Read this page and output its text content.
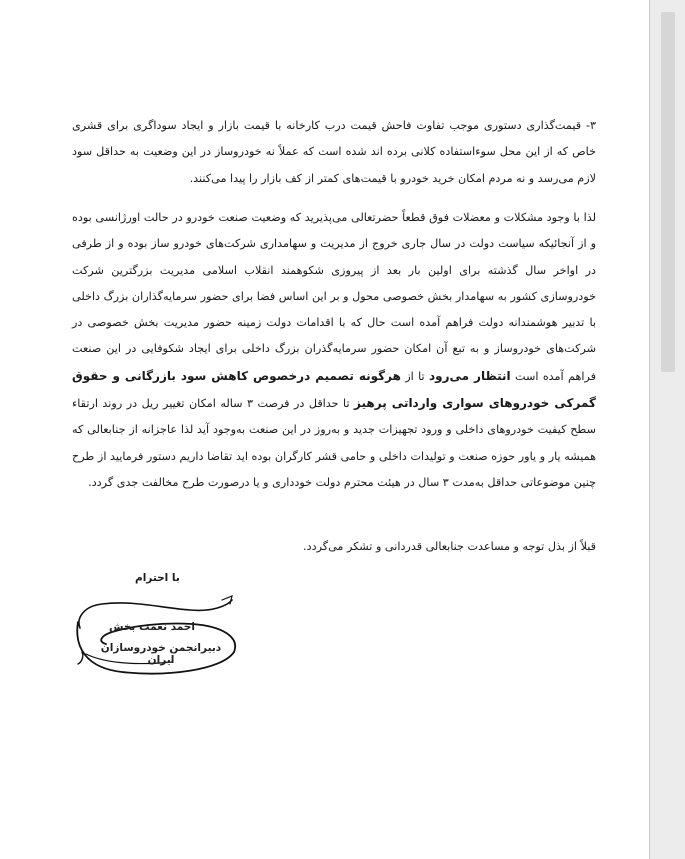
۳- قیمت‌گذاری دستوری موجب تفاوت فاحش قیمت درب کارخانه با قیمت بازار و ایجاد سوداگری برای قشری خاص که از این محل سوءاستفاده کلانی برده اند شده است که عملاً نه خودروساز در این وضعیت به حداقل سود لازم می‌رسد و نه مردم امکان خرید خودرو با قیمت‌های کمتر از کف بازار را پیدا می‌کنند.

لذا با وجود مشکلات و معضلات فوق قطعاً حضرتعالی می‌پذیرید که وضعیت صنعت خودرو در حالت اورژانسی بوده و از آنجائیکه سیاست دولت در سال جاری خروج از مدیریت و سهامداری شرکت‌های خودرو ساز بوده و از طرفی در اواخر سال گذشته برای اولین بار بعد از پیروزی شکوهمند انقلاب اسلامی مدیریت بزرگترین شرکت خودروسازی کشور به سهامدار بخش خصوصی محول و بر این اساس فضا برای حضور سرمایه‌گذاران بزرگ داخلی با تدبیر هوشمندانه دولت فراهم آمده است حال که با اقدامات دولت زمینه حضور مدیریت بخش خصوصی در شرکت‌های خودروساز و به تبع آن امکان حضور سرمایه‌گذران بزرگ داخلی برای ایجاد شکوفایی در این صنعت فراهم آمده است انتظار می‌رود تا از هرگونه تصمیم درخصوص کاهش سود بازرگانی و حقوق گمرکی خودروهای سواری وارداتی پرهیز تا حداقل در فرصت ۳ ساله امکان تغییر ریل در روند ارتقاء سطح کیفیت خودروهای داخلی و ورود تجهیزات جدید و به‌روز در این صنعت به‌وجود آید لذا عاجزانه از جنابعالی که همیشه یار و یاور حوزه صنعت و تولیدات داخلی و حامی قشر کارگران بوده اید تقاضا داریم دستور فرمایید از طرح چنین موضوعاتی حداقل به‌مدت ۳ سال در هیئت محترم دولت خودداری و یا درصورت طرح مخالفت جدی گردد.

قبلاً از بذل توجه و مساعدت جنابعالی قدردانی و تشکر می‌گردد.

با احترام
احمد نعمت بخش
دبیرانجمن خودروسازان ایران
